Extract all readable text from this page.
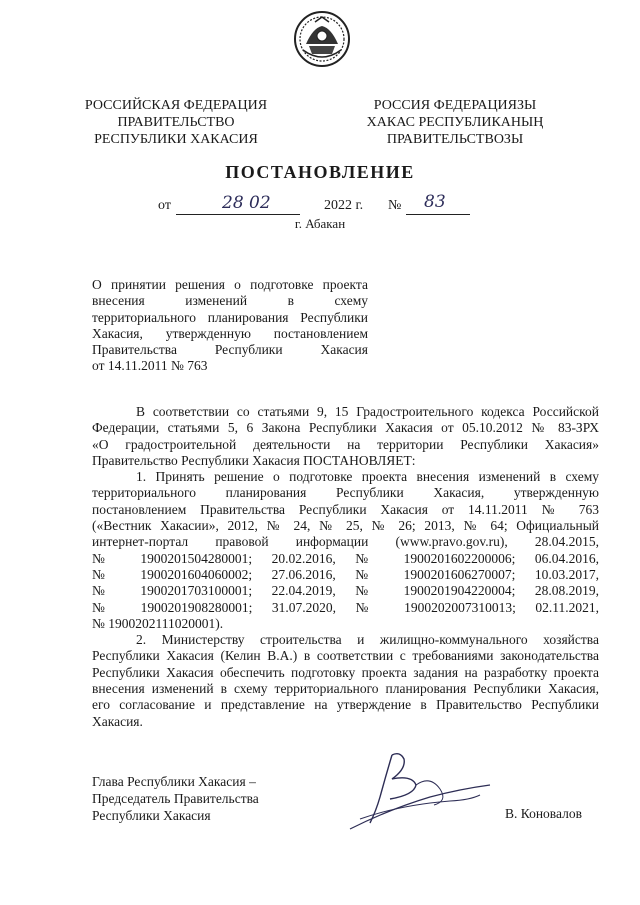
РОССИЙСКАЯ ФЕДЕРАЦИЯ
ПРАВИТЕЛЬСТВО
РЕСПУБЛИКИ ХАКАСИЯ
РОССИЯ ФЕДЕРАЦИЯЗЫ
ХАКАС РЕСПУБЛИКАНЫҢ
ПРАВИТЕЛЬСТВОЗЫ
ПОСТАНОВЛЕНИЕ
от	28 02	2022 г. № 83
г. Абакан
О принятии решения о подготовке проекта
внесения изменений в схему
территориального планирования Республики
Хакасия, утвержденную постановлением
Правительства Республики Хакасия
от 14.11.2011 № 763
В соответствии со статьями 9, 15 Градостроительного кодекса Российской
Федерации, статьями 5, 6 Закона Республики Хакасия от 05.10.2012 № 83-ЗРХ
«О градостроительной деятельности на территории Республики Хакасия»
Правительство Республики Хакасия ПОСТАНОВЛЯЕТ:
1. Принять решение о подготовке проекта внесения изменений в схему
территориального планирования Республики Хакасия, утвержденную
постановлением Правительства Республики Хакасия от 14.11.2011 № 763
(«Вестник Хакасии», 2012, № 24, № 25, № 26; 2013, № 64; Официальный
интернет-портал правовой информации (www.pravo.gov.ru), 28.04.2015,
№ 1900201504280001; 20.02.2016, № 1900201602200006; 06.04.2016,
№ 1900201604060002; 27.06.2016, № 1900201606270007; 10.03.2017,
№ 1900201703100001; 22.04.2019, № 1900201904220004; 28.08.2019,
№ 1900201908280001; 31.07.2020, № 1900202007310013; 02.11.2021,
№ 1900202111020001).
2. Министерству строительства и жилищно-коммунального хозяйства
Республики Хакасия (Келин В.А.) в соответствии с требованиями законодательства
Республики Хакасия обеспечить подготовку проекта задания на разработку проекта
внесения изменений в схему территориального планирования Республики Хакасия,
его согласование и представление на утверждение в Правительство Республики
Хакасия.
Глава Республики Хакасия –
Председатель Правительства
Республики Хакасия	В. Коновалов
